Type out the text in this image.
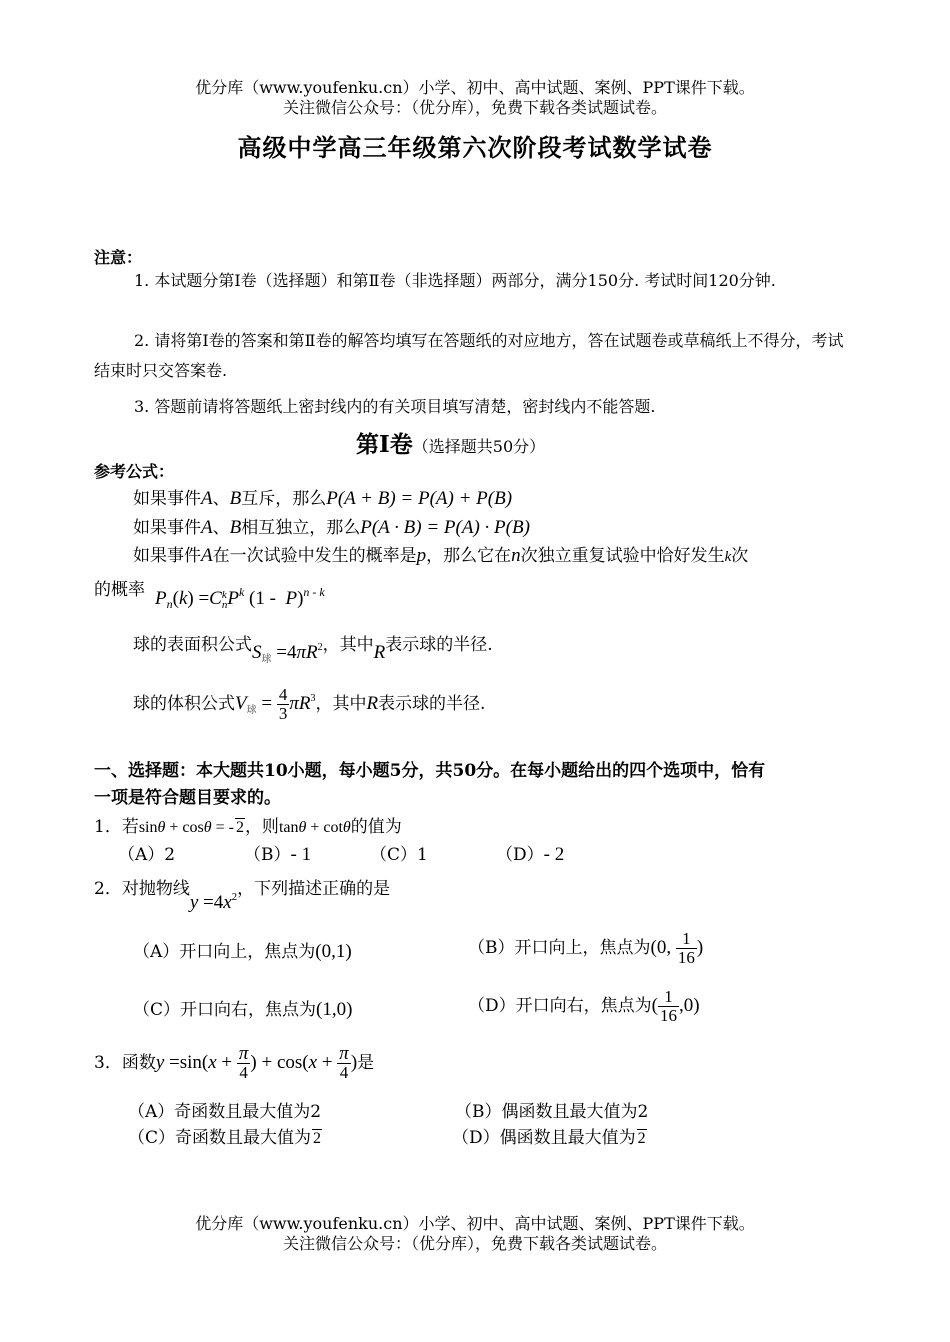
优分库（www.youfenku.cn）小学、初中、高中试题、案例、PPT课件下载。
关注微信公众号：（优分库），免费下载各类试题试卷。
高级中学高三年级第六次阶段考试数学试卷
注意：
1. 本试题分第Ⅰ卷（选择题）和第Ⅱ卷（非选择题）两部分，满分150分. 考试时间120分钟.
2. 请将第Ⅰ卷的答案和第Ⅱ卷的解答均填写在答题纸的对应地方，答在试题卷或草稿纸上不得分，考试结束时只交答案卷.
3. 答题前请将答题纸上密封线内的有关项目填写清楚，密封线内不能答题.
第Ⅰ卷（选择题共50分）
参考公式：
如果事件A、B互斥，那么P(A + B) = P(A) + P(B)
如果事件A、B相互独立，那么P(A · B) = P(A) · P(B)
如果事件A在一次试验中发生的概率是p，那么它在n次独立重复试验中恰好发生k次
的概率 $P_n(k) =C$ k
n $P^k$ (1 -  P)$^{n - k}$
球的表面积公式$S_球 =4\pi R^2$，其中R表示球的半径.
球的体积公式$V_球 = \frac{4}{3} \pi R^3$，其中R表示球的半径.
一、选择题：本大题共10小题，每小题5分，共50分。在每小题给出的四个选项中，恰有
一项是符合题目要求的。
1．若sinθ + cosθ = - 2，则tanθ + cotθ的值为
（A）2	（B）- 1	（C）1	（D）- 2
2．对抛物线$y =4x^2$，下列描述正确的是
（A）开口向上，焦点为(0,1)	（B）开口向上，焦点为(0, $\frac{1}{16}$ )
（C）开口向右，焦点为(1,0)	（D）开口向右，焦点为( $\frac{1}{16} ,0$)
3．函数$y =\sin(x + \frac{\pi}{4}$ ) + $\cos(x + \frac{\pi}{4}$ )是
（A）奇函数且最大值为2	（B）偶函数且最大值为2
（C）奇函数且最大值为 2	（D）偶函数且最大值为 2
优分库（www.youfenku.cn）小学、初中、高中试题、案例、PPT课件下载。
关注微信公众号：（优分库），免费下载各类试题试卷。
